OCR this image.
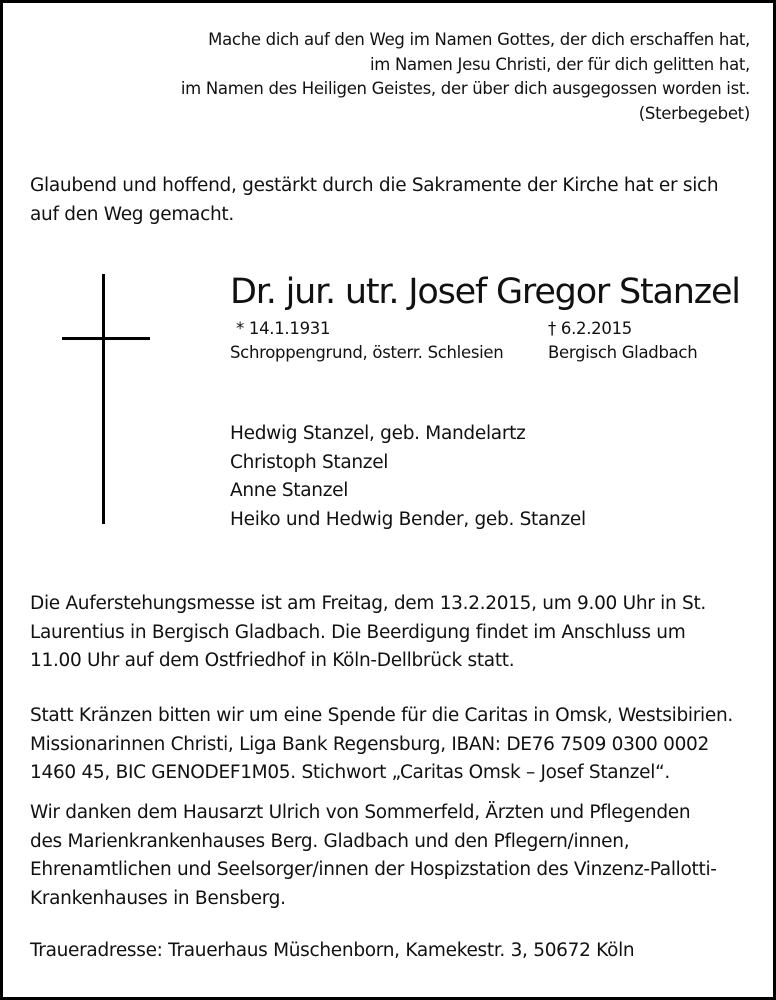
Mache dich auf den Weg im Namen Gottes, der dich erschaffen hat,
im Namen Jesu Christi, der für dich gelitten hat,
im Namen des Heiligen Geistes, der über dich ausgegossen worden ist.
(Sterbegebet)

Glaubend und hoffend, gestärkt durch die Sakramente der Kirche hat er sich auf den Weg gemacht.

Dr. jur. utr. Josef Gregor Stanzel
* 14.1.1931
Schroppengrund, österr. Schlesien
† 6.2.2015
Bergisch Gladbach
Hedwig Stanzel, geb. Mandelartz
Christoph Stanzel
Anne Stanzel
Heiko und Hedwig Bender, geb. Stanzel

Die Auferstehungsmesse ist am Freitag, dem 13.2.2015, um 9.00 Uhr in St. Laurentius in Bergisch Gladbach. Die Beerdigung findet im Anschluss um 11.00 Uhr auf dem Ostfriedhof in Köln-Dellbrück statt.

Statt Kränzen bitten wir um eine Spende für die Caritas in Omsk, Westsibirien. Missionarinnen Christi, Liga Bank Regensburg, IBAN: DE76 7509 0300 0002 1460 45, BIC GENODEF1M05. Stichwort „Caritas Omsk – Josef Stanzel“.

Wir danken dem Hausarzt Ulrich von Sommerfeld, Ärzten und Pflegenden des Marienkrankenhauses Berg. Gladbach und den Pflegern/innen, Ehrenamtlichen und Seelsorger/innen der Hospizstation des Vinzenz-Pallotti-Krankenhauses in Bensberg.

Traueradresse: Trauerhaus Müschenborn, Kamekestr. 3, 50672 Köln
